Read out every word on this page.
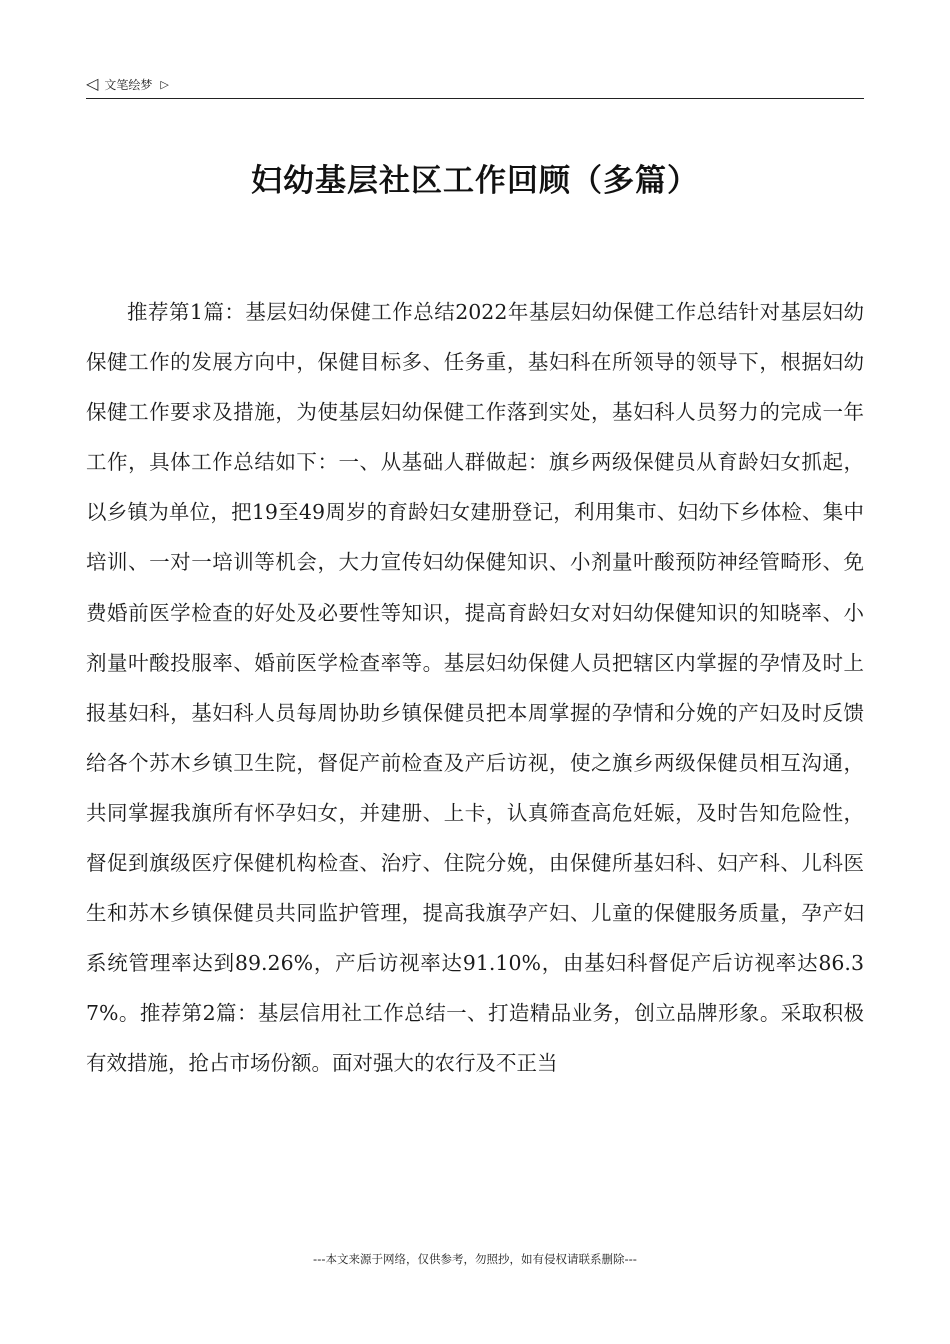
◁ 文笔绘梦 ▷
妇幼基层社区工作回顾（多篇）

推荐第1篇：基层妇幼保健工作总结2022年基层妇幼保健工作总结针对基层妇幼保健工作的发展方向中，保健目标多、任务重，基妇科在所领导的领导下，根据妇幼保健工作要求及措施，为使基层妇幼保健工作落到实处，基妇科人员努力的完成一年工作，具体工作总结如下：一、从基础人群做起：旗乡两级保健员从育龄妇女抓起，以乡镇为单位，把19至49周岁的育龄妇女建册登记，利用集市、妇幼下乡体检、集中培训、一对一培训等机会，大力宣传妇幼保健知识、小剂量叶酸预防神经管畸形、免费婚前医学检查的好处及必要性等知识，提高育龄妇女对妇幼保健知识的知晓率、小剂量叶酸投服率、婚前医学检查率等。基层妇幼保健人员把辖区内掌握的孕情及时上报基妇科，基妇科人员每周协助乡镇保健员把本周掌握的孕情和分娩的产妇及时反馈给各个苏木乡镇卫生院，督促产前检查及产后访视，使之旗乡两级保健员相互沟通，共同掌握我旗所有怀孕妇女，并建册、上卡，认真筛查高危妊娠，及时告知危险性，督促到旗级医疗保健机构检查、治疗、住院分娩，由保健所基妇科、妇产科、儿科医生和苏木乡镇保健员共同监护管理，提高我旗孕产妇、儿童的保健服务质量，孕产妇系统管理率达到89.26%，产后访视率达91.10%，由基妇科督促产后访视率达86.37%。推荐第2篇：基层信用社工作总结一、打造精品业务，创立品牌形象。采取积极有效措施，抢占市场份额。面对强大的农行及不正当

---本文来源于网络，仅供参考，勿照抄，如有侵权请联系删除---
